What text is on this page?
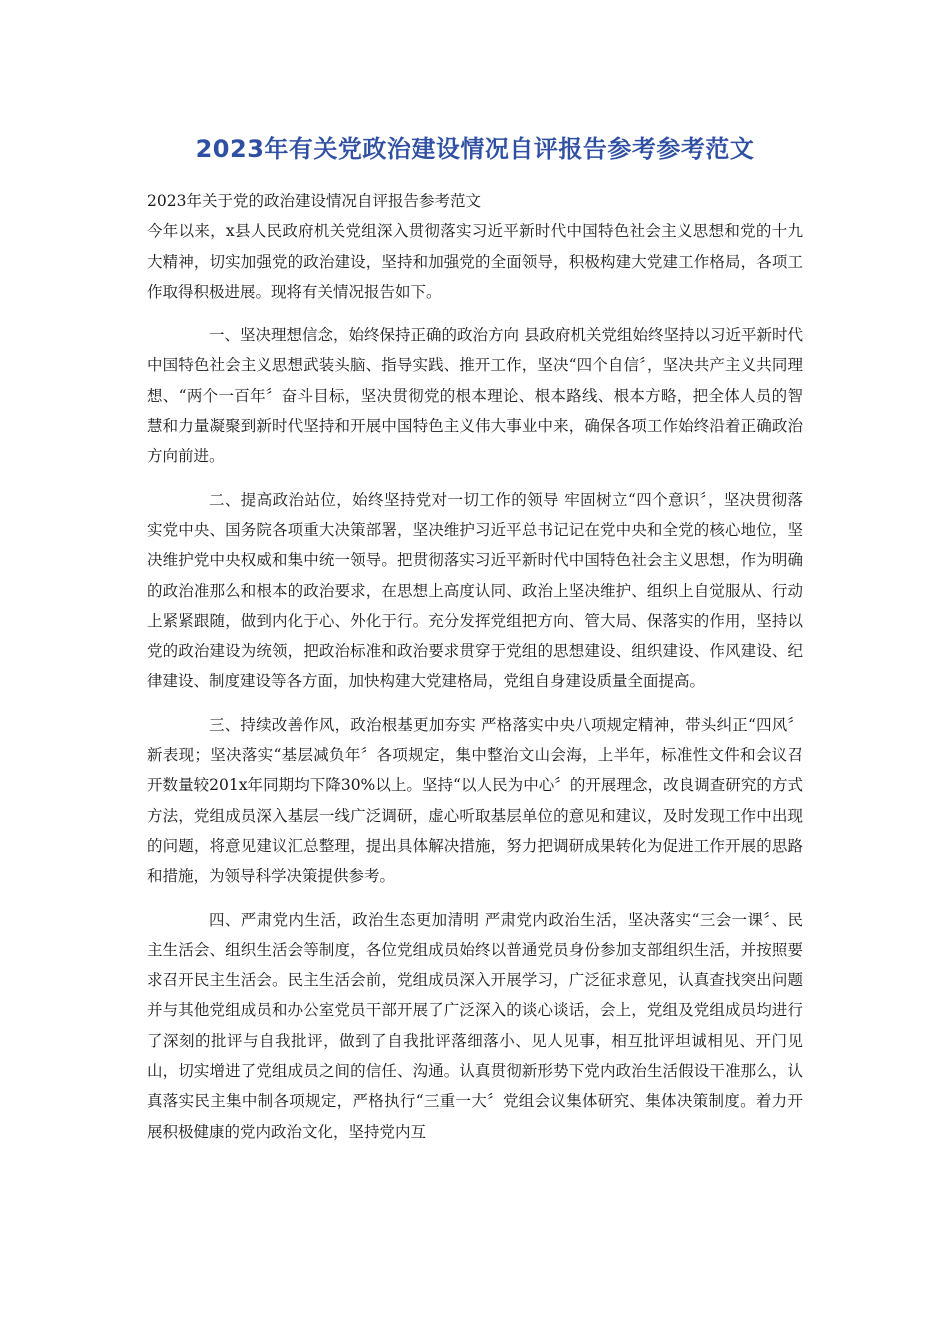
2023年有关党政治建设情况自评报告参考参考范文

2023年关于党的政治建设情况自评报告参考范文

今年以来，x县人民政府机关党组深入贯彻落实习近平新时代中国特色社会主义思想和党的十九大精神，切实加强党的政治建设，坚持和加强党的全面领导，积极构建大党建工作格局，各项工作取得积极进展。现将有关情况报告如下。

一、坚决理想信念，始终保持正确的政治方向 县政府机关党组始终坚持以习近平新时代中国特色社会主义思想武装头脑、指导实践、推开工作，坚决“四个自信〞，坚决共产主义共同理想、“两个一百年〞奋斗目标，坚决贯彻党的根本理论、根本路线、根本方略，把全体人员的智慧和力量凝聚到新时代坚持和开展中国特色主义伟大事业中来，确保各项工作始终沿着正确政治方向前进。

二、提高政治站位，始终坚持党对一切工作的领导 牢固树立“四个意识〞，坚决贯彻落实党中央、国务院各项重大决策部署，坚决维护习近平总书记记在党中央和全党的核心地位，坚决维护党中央权威和集中统一领导。把贯彻落实习近平新时代中国特色社会主义思想，作为明确的政治准那么和根本的政治要求，在思想上高度认同、政治上坚决维护、组织上自觉服从、行动上紧紧跟随，做到内化于心、外化于行。充分发挥党组把方向、管大局、保落实的作用，坚持以党的政治建设为统领，把政治标准和政治要求贯穿于党组的思想建设、组织建设、作风建设、纪律建设、制度建设等各方面，加快构建大党建格局，党组自身建设质量全面提高。

三、持续改善作风，政治根基更加夯实 严格落实中央八项规定精神，带头纠正“四风〞新表现；坚决落实“基层减负年〞各项规定，集中整治文山会海，上半年，标准性文件和会议召开数量较201x年同期均下降30%以上。坚持“以人民为中心〞的开展理念，改良调查研究的方式方法，党组成员深入基层一线广泛调研，虚心听取基层单位的意见和建议，及时发现工作中出现的问题，将意见建议汇总整理，提出具体解决措施，努力把调研成果转化为促进工作开展的思路和措施，为领导科学决策提供参考。

四、严肃党内生活，政治生态更加清明 严肃党内政治生活，坚决落实“三会一课〞、民主生活会、组织生活会等制度，各位党组成员始终以普通党员身份参加支部组织生活，并按照要求召开民主生活会。民主生活会前，党组成员深入开展学习，广泛征求意见，认真查找突出问题并与其他党组成员和办公室党员干部开展了广泛深入的谈心谈话，会上，党组及党组成员均进行了深刻的批评与自我批评，做到了自我批评落细落小、见人见事，相互批评坦诚相见、开门见山，切实增进了党组成员之间的信任、沟通。认真贯彻新形势下党内政治生活假设干准那么，认真落实民主集中制各项规定，严格执行“三重一大〞党组会议集体研究、集体决策制度。着力开展积极健康的党内政治文化，坚持党内互
